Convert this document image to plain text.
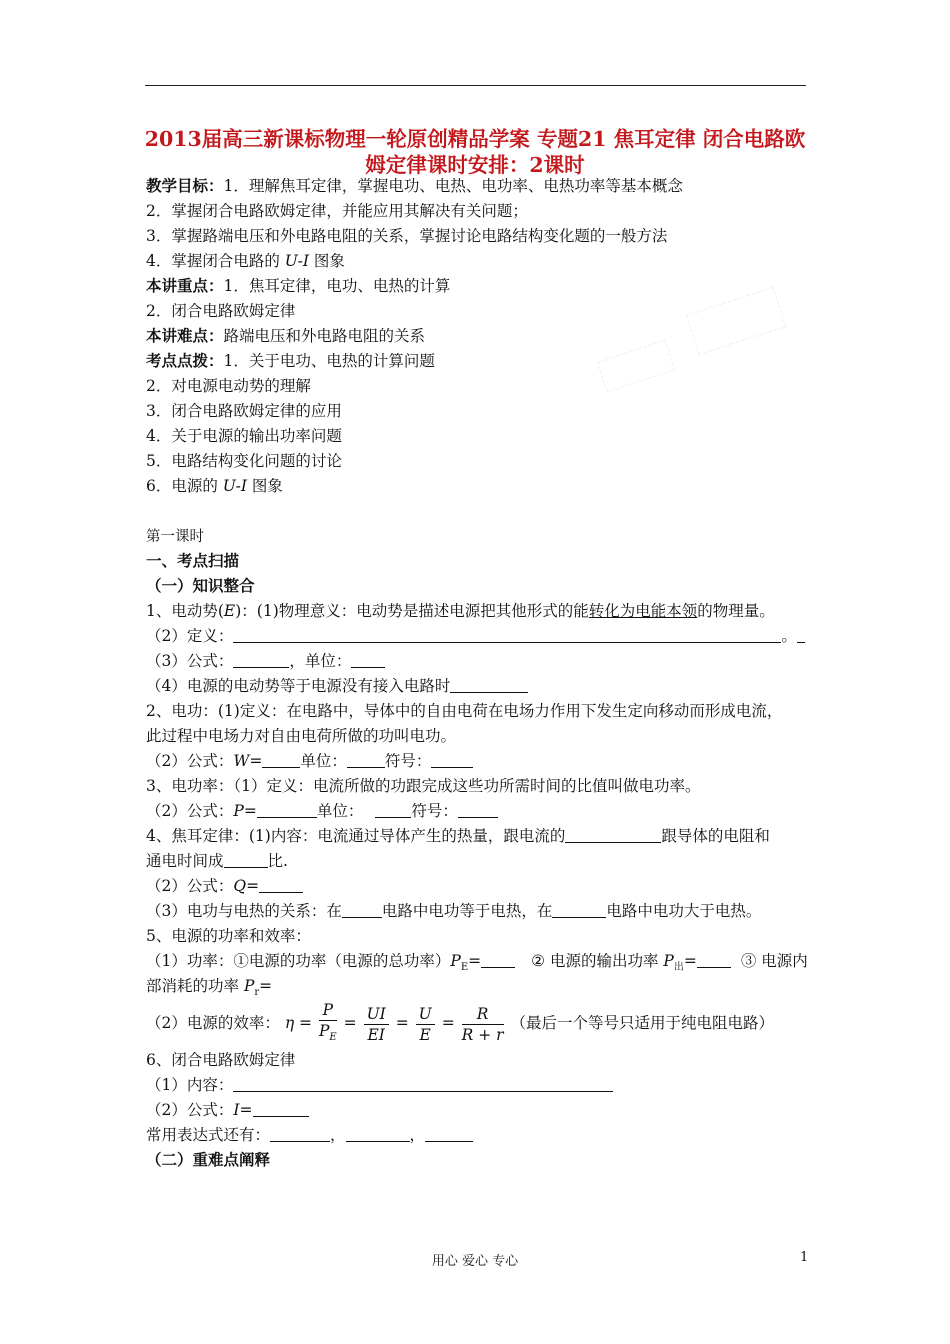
2013届高三新课标物理一轮原创精品学案 专题21 焦耳定律 闭合电路欧姆定律课时安排：2课时
教学目标：1．理解焦耳定律，掌握电功、电热、电功率、电热功率等基本概念
2．掌握闭合电路欧姆定律，并能应用其解决有关问题；
3．掌握路端电压和外电路电阻的关系，掌握讨论电路结构变化题的一般方法
4．掌握闭合电路的 U-I 图象
本讲重点：1．焦耳定律，电功、电热的计算
2．闭合电路欧姆定律
本讲难点：路端电压和外电路电阻的关系
考点点拨：1．关于电功、电热的计算问题
2．对电源电动势的理解
3．闭合电路欧姆定律的应用
4．关于电源的输出功率问题
5．电路结构变化问题的讨论
6．电源的 U-I 图象
第一课时
一、考点扫描
（一）知识整合
1、电动势(E)：(1)物理意义：电动势是描述电源把其他形式的能转化为电能本领的物理量。
（2）定义：	。
（3）公式：	，单位：
（4）电源的电动势等于电源没有接入电路时
2、电功：(1)定义：在电路中，导体中的自由电荷在电场力作用下发生定向移动而形成电流，
此过程中电场力对自由电荷所做的功叫电功。
（2）公式：W= 单位： 符号：
3、电功率：（1）定义：电流所做的功跟完成这些功所需时间的比值叫做电功率。
（2）公式：P=	单位：	符号：
4、焦耳定律：(1)内容：电流通过导体产生的热量，跟电流的	跟导体的电阻和
通电时间成	比.
（2）公式：Q=
（3）电功与电热的关系：在	电路中电功等于电热，在	电路中电功大于电热。
5、电源的功率和效率：
（1）功率：①电源的功率（电源的总功率）$P_E=$	② 电源的输出功率 $P_出=$	③ 电源内
部消耗的功率 $P_r=$
（2）电源的效率： $\eta = \frac{P}{P_E} = \frac{UI}{EI} = \frac{U}{E} = \frac{R}{R + r}$ （最后一个等号只适用于纯电阻电路）
6、闭合电路欧姆定律
（1）内容：
（2）公式：I=
常用表达式还有：	，	，
（二）重难点阐释
用心 爱心 专心	1
